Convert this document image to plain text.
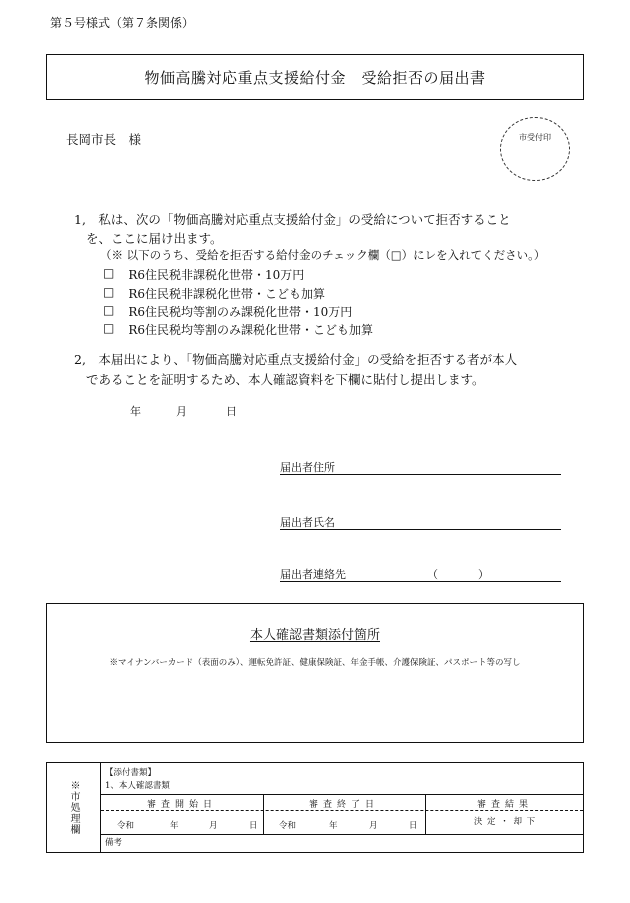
第５号様式（第７条関係）
物価高騰対応重点支援給付金　受給拒否の届出書
長岡市長　様	市受付印
1,　私は、次の「物価高騰対応重点支援給付金」の受給について拒否すること
を、ここに届け出ます。
（※ 以下のうち、受給を拒否する給付金のチェック欄（□）にレを入れてください。）
□ R6住民税非課税化世帯・10万円
□ R6住民税非課税化世帯・こども加算
□ R6住民税均等割のみ課税化世帯・10万円
□ R6住民税均等割のみ課税化世帯・こども加算
2,　本届出により、「物価高騰対応重点支援給付金」の受給を拒否する者が本人
であることを証明するため、本人確認資料を下欄に貼付し提出します。
年	月	日
届出者住所
届出者氏名
届出者連絡先	（	）
本人確認書類添付箇所
※マイナンバーカード（表面のみ）、運転免許証、健康保険証、年金手帳、介護保険証、パスポート等の写し
※市処理欄
【添付書類】
1、本人確認書類
審査開始日	審査終了日	審査結果
令和	年	月	日	令和	年	月	日	決 定 ・ 却 下
備考
